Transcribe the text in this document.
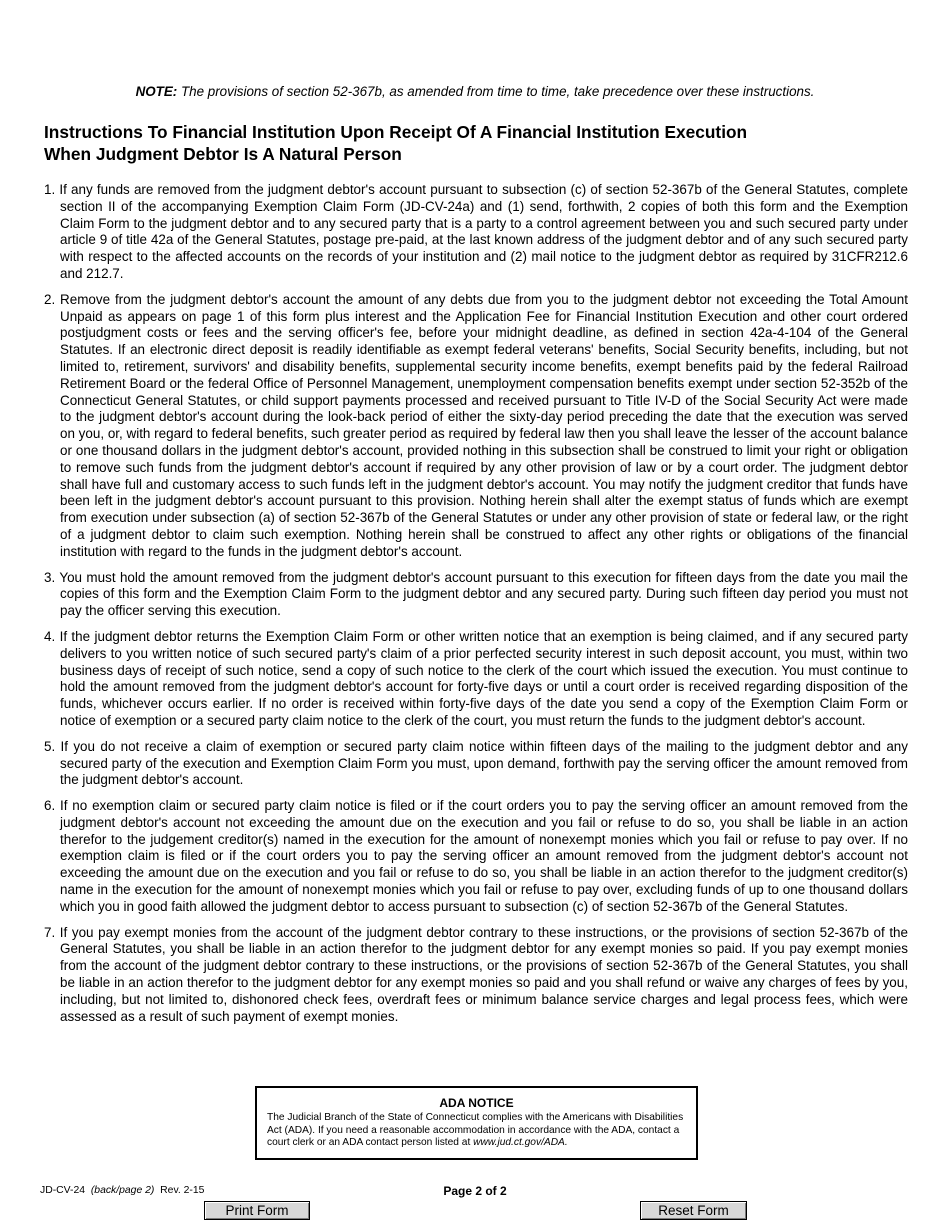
NOTE: The provisions of section 52-367b, as amended from time to time, take precedence over these instructions.
Instructions To Financial Institution Upon Receipt Of A Financial Institution Execution
When Judgment Debtor Is A Natural Person
1. If any funds are removed from the judgment debtor's account pursuant to subsection (c) of section 52-367b of the General Statutes, complete section II of the accompanying Exemption Claim Form (JD-CV-24a) and (1) send, forthwith, 2 copies of both this form and the Exemption Claim Form to the judgment debtor and to any secured party that is a party to a control agreement between you and such secured party under article 9 of title 42a of the General Statutes, postage pre-paid, at the last known address of the judgment debtor and of any such secured party with respect to the affected accounts on the records of your institution and (2) mail notice to the judgment debtor as required by 31CFR212.6 and 212.7.
2. Remove from the judgment debtor's account the amount of any debts due from you to the judgment debtor not exceeding the Total Amount Unpaid as appears on page 1 of this form plus interest and the Application Fee for Financial Institution Execution and other court ordered postjudgment costs or fees and the serving officer's fee, before your midnight deadline, as defined in section 42a-4-104 of the General Statutes. If an electronic direct deposit is readily identifiable as exempt federal veterans' benefits, Social Security benefits, including, but not limited to, retirement, survivors' and disability benefits, supplemental security income benefits, exempt benefits paid by the federal Railroad Retirement Board or the federal Office of Personnel Management, unemployment compensation benefits exempt under section 52-352b of the Connecticut General Statutes, or child support payments processed and received pursuant to Title IV-D of the Social Security Act were made to the judgment debtor's account during the look-back period of either the sixty-day period preceding the date that the execution was served on you, or, with regard to federal benefits, such greater period as required by federal law then you shall leave the lesser of the account balance or one thousand dollars in the judgment debtor's account, provided nothing in this subsection shall be construed to limit your right or obligation to remove such funds from the judgment debtor's account if required by any other provision of law or by a court order. The judgment debtor shall have full and customary access to such funds left in the judgment debtor's account. You may notify the judgment creditor that funds have been left in the judgment debtor's account pursuant to this provision. Nothing herein shall alter the exempt status of funds which are exempt from execution under subsection (a) of section 52-367b of the General Statutes or under any other provision of state or federal law, or the right of a judgment debtor to claim such exemption. Nothing herein shall be construed to affect any other rights or obligations of the financial institution with regard to the funds in the judgment debtor's account.
3. You must hold the amount removed from the judgment debtor's account pursuant to this execution for fifteen days from the date you mail the copies of this form and the Exemption Claim Form to the judgment debtor and any secured party. During such fifteen day period you must not pay the officer serving this execution.
4. If the judgment debtor returns the Exemption Claim Form or other written notice that an exemption is being claimed, and if any secured party delivers to you written notice of such secured party's claim of a prior perfected security interest in such deposit account, you must, within two business days of receipt of such notice, send a copy of such notice to the clerk of the court which issued the execution. You must continue to hold the amount removed from the judgment debtor's account for forty-five days or until a court order is received regarding disposition of the funds, whichever occurs earlier. If no order is received within forty-five days of the date you send a copy of the Exemption Claim Form or notice of exemption or a secured party claim notice to the clerk of the court, you must return the funds to the judgment debtor's account.
5. If you do not receive a claim of exemption or secured party claim notice within fifteen days of the mailing to the judgment debtor and any secured party of the execution and Exemption Claim Form you must, upon demand, forthwith pay the serving officer the amount removed from the judgment debtor's account.
6. If no exemption claim or secured party claim notice is filed or if the court orders you to pay the serving officer an amount removed from the judgment debtor's account not exceeding the amount due on the execution and you fail or refuse to do so, you shall be liable in an action therefor to the judgement creditor(s) named in the execution for the amount of nonexempt monies which you fail or refuse to pay over. If no exemption claim is filed or if the court orders you to pay the serving officer an amount removed from the judgment debtor's account not exceeding the amount due on the execution and you fail or refuse to do so, you shall be liable in an action therefor to the judgment creditor(s) name in the execution for the amount of nonexempt monies which you fail or refuse to pay over, excluding funds of up to one thousand dollars which you in good faith allowed the judgment debtor to access pursuant to subsection (c) of section 52-367b of the General Statutes.
7. If you pay exempt monies from the account of the judgment debtor contrary to these instructions, or the provisions of section 52-367b of the General Statutes, you shall be liable in an action therefor to the judgment debtor for any exempt monies so paid. If you pay exempt monies from the account of the judgment debtor contrary to these instructions, or the provisions of section 52-367b of the General Statutes, you shall be liable in an action therefor to the judgment debtor for any exempt monies so paid and you shall refund or waive any charges of fees by you, including, but not limited to, dishonored check fees, overdraft fees or minimum balance service charges and legal process fees, which were assessed as a result of such payment of exempt monies.
ADA NOTICE
The Judicial Branch of the State of Connecticut complies with the Americans with Disabilities Act (ADA). If you need a reasonable accommodation in accordance with the ADA, contact a court clerk or an ADA contact person listed at www.jud.ct.gov/ADA.
JD-CV-24 (back/page 2) Rev. 2-15	Page 2 of 2
Print Form	Reset Form
